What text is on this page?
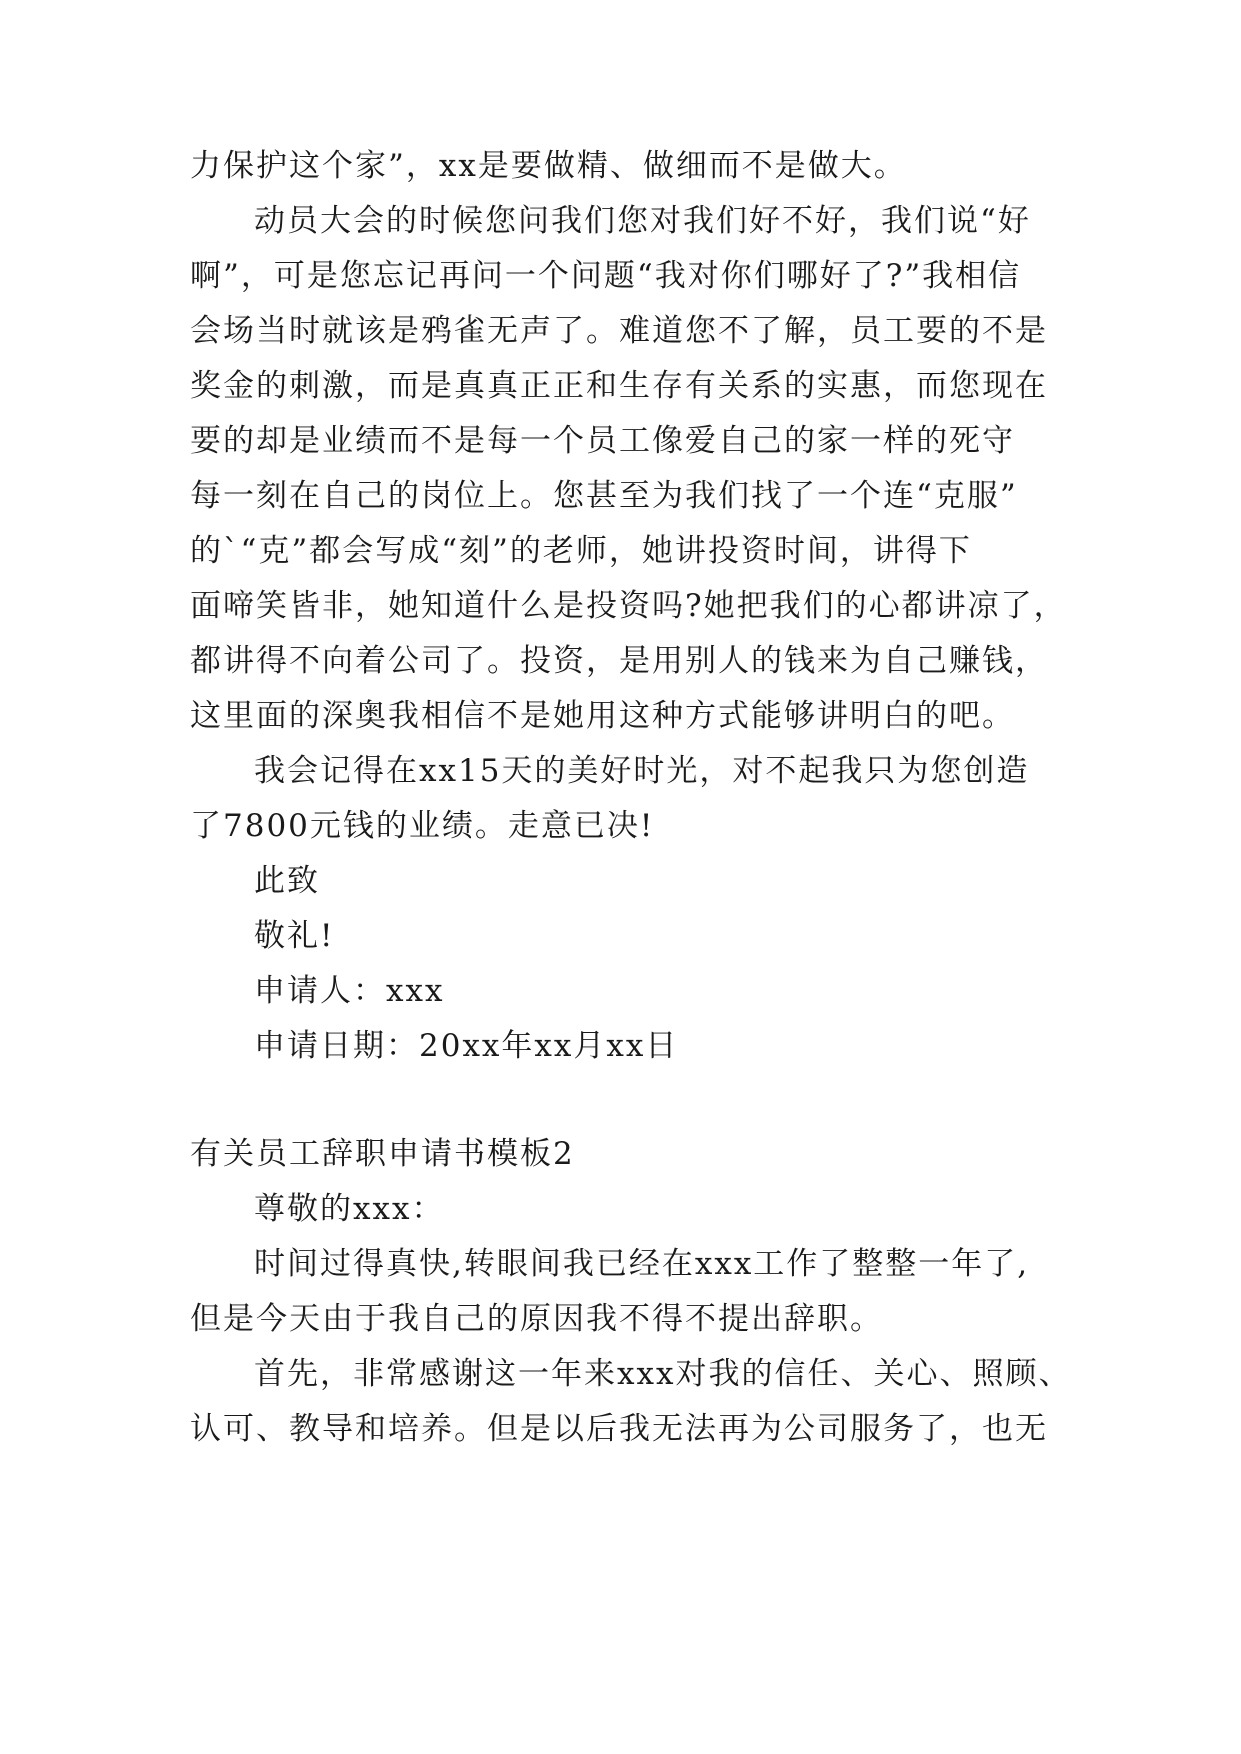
力保护这个家”，xx是要做精、做细而不是做大。
动员大会的时候您问我们您对我们好不好，我们说“好
啊”，可是您忘记再问一个问题“我对你们哪好了?”我相信
会场当时就该是鸦雀无声了。难道您不了解，员工要的不是
奖金的刺激，而是真真正正和生存有关系的实惠，而您现在
要的却是业绩而不是每一个员工像爱自己的家一样的死守
每一刻在自己的岗位上。您甚至为我们找了一个连“克服”
的`“克”都会写成“刻”的老师，她讲投资时间，讲得下
面啼笑皆非，她知道什么是投资吗?她把我们的心都讲凉了，
都讲得不向着公司了。投资，是用别人的钱来为自己赚钱，
这里面的深奥我相信不是她用这种方式能够讲明白的吧。
我会记得在xx15天的美好时光，对不起我只为您创造
了7800元钱的业绩。走意已决!
此致
敬礼!
申请人：xxx
申请日期：20xx年xx月xx日
有关员工辞职申请书模板2
尊敬的xxx：
时间过得真快,转眼间我已经在xxx工作了整整一年了,
但是今天由于我自己的原因我不得不提出辞职。
首先，非常感谢这一年来xxx对我的信任、关心、照顾、
认可、教导和培养。但是以后我无法再为公司服务了，也无
